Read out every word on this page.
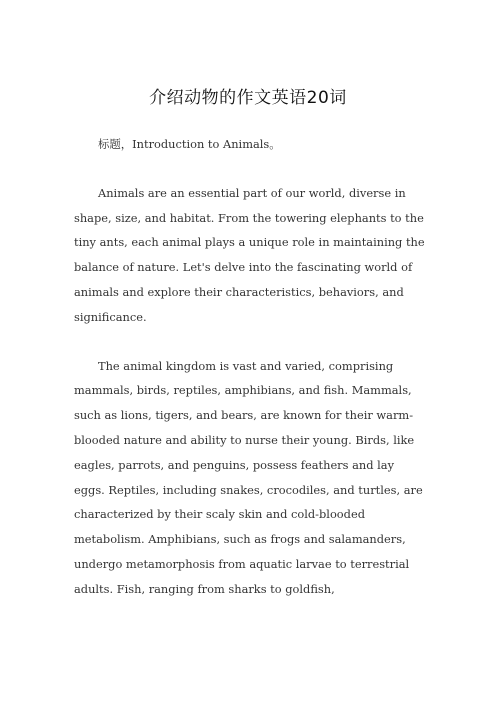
介绍动物的作文英语20词

标题，Introduction to Animals。

Animals are an essential part of our world, diverse in shape, size, and habitat. From the towering elephants to the tiny ants, each animal plays a unique role in maintaining the balance of nature. Let's delve into the fascinating world of animals and explore their characteristics, behaviors, and significance.

The animal kingdom is vast and varied, comprising mammals, birds, reptiles, amphibians, and fish. Mammals, such as lions, tigers, and bears, are known for their warm-blooded nature and ability to nurse their young. Birds, like eagles, parrots, and penguins, possess feathers and lay eggs. Reptiles, including snakes, crocodiles, and turtles, are characterized by their scaly skin and cold-blooded metabolism. Amphibians, such as frogs and salamanders, undergo metamorphosis from aquatic larvae to terrestrial adults. Fish, ranging from sharks to goldfish,
